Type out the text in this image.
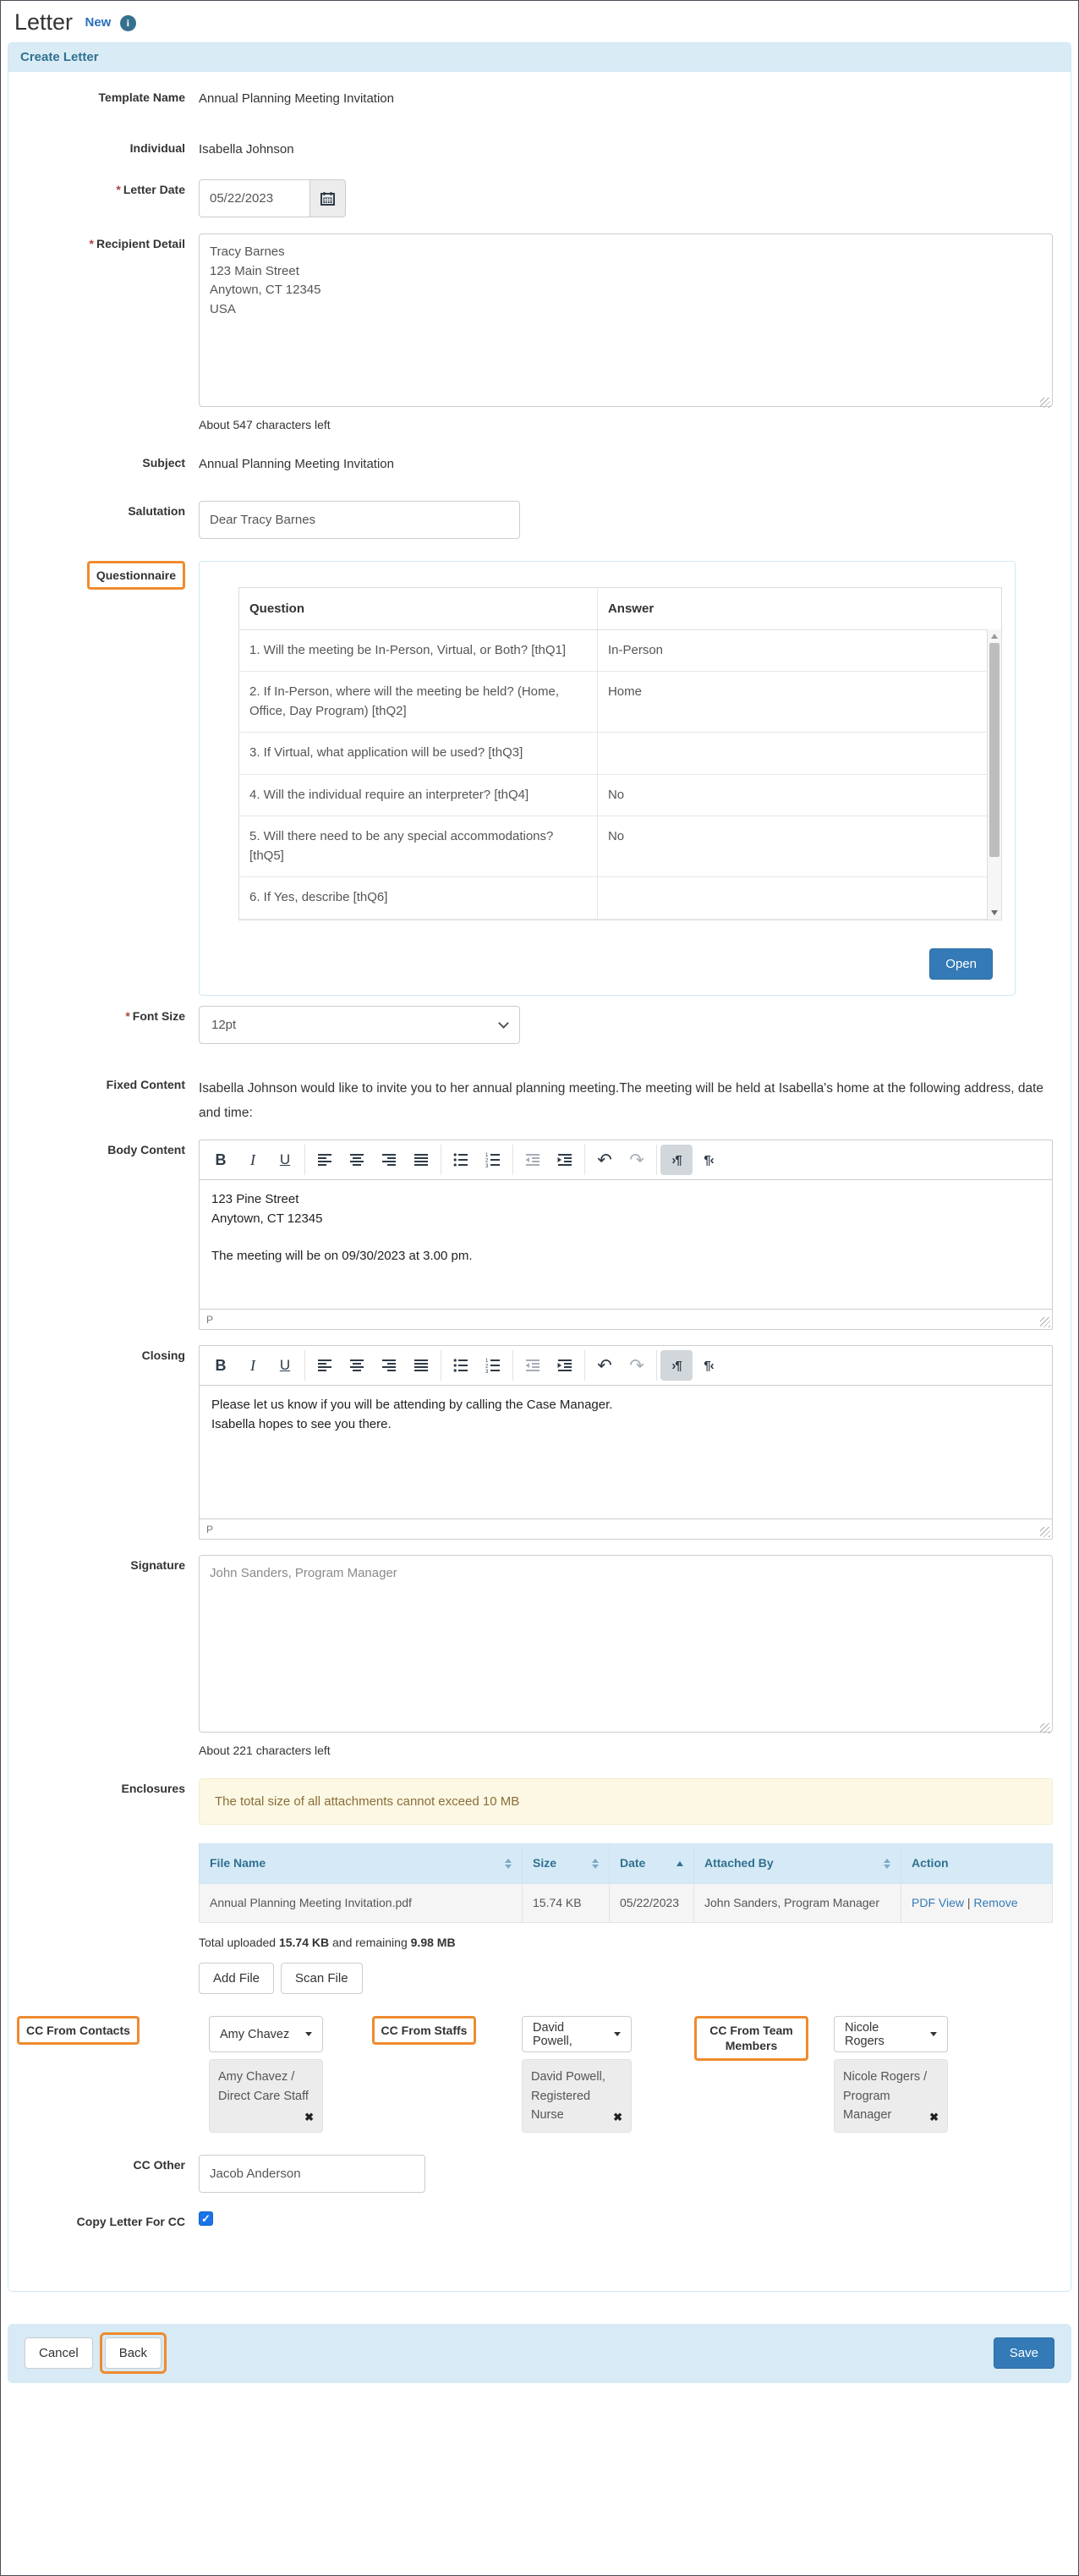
Letter New i
Create Letter
Template Name	Annual Planning Meeting Invitation
Individual	Isabella Johnson
* Letter Date
05/22/2023
* Recipient Detail
Tracy Barnes 123 Main Street Anytown, CT 12345 USA
About 547 characters left
Subject	Annual Planning Meeting Invitation
Salutation
Dear Tracy Barnes
Questionnaire
Question	Answer
1. Will the meeting be In-Person, Virtual, or Both? [thQ1]	In-Person
2. If In-Person, where will the meeting be held? (Home, Office, Day Program) [thQ2]	Home
3. If Virtual, what application will be used? [thQ3]	
4. Will the individual require an interpreter? [thQ4]	No
5. Will there need to be any special accommodations? [thQ5]	No
6. If Yes, describe [thQ6]	
Open
* Font Size
12pt
Fixed Content	Isabella Johnson would like to invite you to her annual planning meeting.The meeting will be held at Isabella's home at the following address, date and time:
Body Content
B	I	U	1
2
3	↶ ↷	›¶	¶‹
123 Pine Street
Anytown, CT 12345
The meeting will be on 09/30/2023 at 3.00 pm.
P
Closing
B	I	U	1
2
3	↶ ↷	›¶	¶‹
Please let us know if you will be attending by calling the Case Manager.
Isabella hopes to see you there.
P
Signature
John Sanders, Program Manager
About 221 characters left
Enclosures
The total size of all attachments cannot exceed 10 MB
File Name	Size	Date	Attached By	Action

Annual Planning Meeting Invitation.pdf	15.74 KB	05/22/2023	John Sanders, Program Manager	PDF View | Remove
Total uploaded 15.74 KB and remaining 9.98 MB
Add File	Scan File
CC From Contacts	Amy Chavez
Amy Chavez / Direct Care Staff
✖
CC From Staffs	David Powell,
David Powell, Registered Nurse
✖
CC From Team Members
Nicole Rogers
Nicole Rogers / Program Manager
✖
CC Other
Jacob Anderson
Copy Letter For CC
✓
Cancel	Back	Save
